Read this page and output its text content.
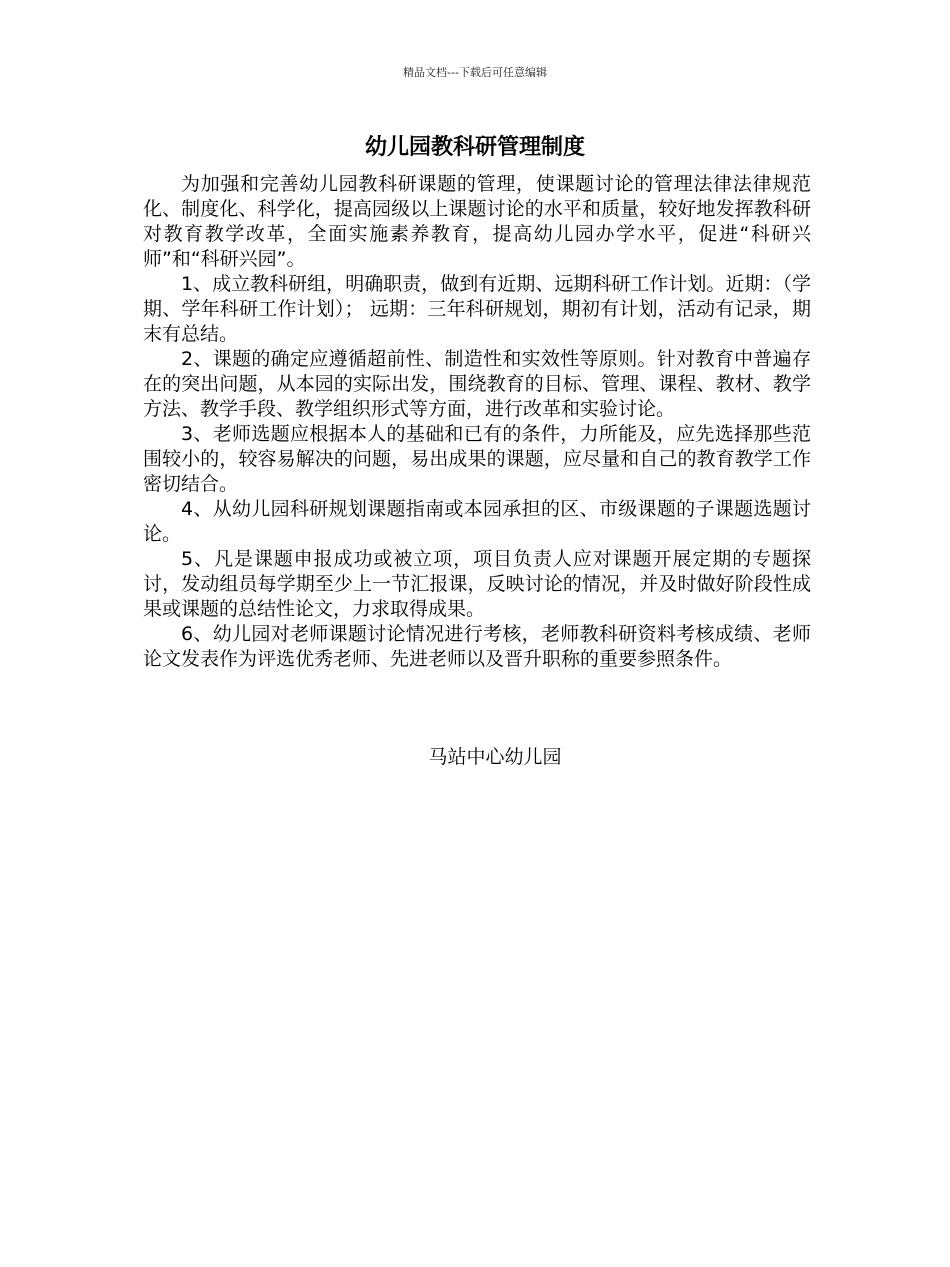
精品文档---下载后可任意编辑
幼儿园教科研管理制度

为加强和完善幼儿园教科研课题的管理，使课题讨论的管理法律法律规范化、制度化、科学化，提高园级以上课题讨论的水平和质量，较好地发挥教科研对教育教学改革，全面实施素养教育，提高幼儿园办学水平，促进“科研兴师”和“科研兴园”。

1、成立教科研组，明确职责，做到有近期、远期科研工作计划。近期：（学期、学年科研工作计划）； 远期：三年科研规划，期初有计划，活动有记录，期末有总结。

2、课题的确定应遵循超前性、制造性和实效性等原则。针对教育中普遍存在的突出问题，从本园的实际出发，围绕教育的目标、管理、课程、教材、教学方法、教学手段、教学组织形式等方面，进行改革和实验讨论。

3、老师选题应根据本人的基础和已有的条件，力所能及，应先选择那些范围较小的，较容易解决的问题，易出成果的课题，应尽量和自己的教育教学工作密切结合。

4、从幼儿园科研规划课题指南或本园承担的区、市级课题的子课题选题讨论。

5、凡是课题申报成功或被立项，项目负责人应对课题开展定期的专题探讨，发动组员每学期至少上一节汇报课，反映讨论的情况，并及时做好阶段性成果或课题的总结性论文，力求取得成果。

6、幼儿园对老师课题讨论情况进行考核，老师教科研资料考核成绩、老师论文发表作为评选优秀老师、先进老师以及晋升职称的重要参照条件。

马站中心幼儿园
